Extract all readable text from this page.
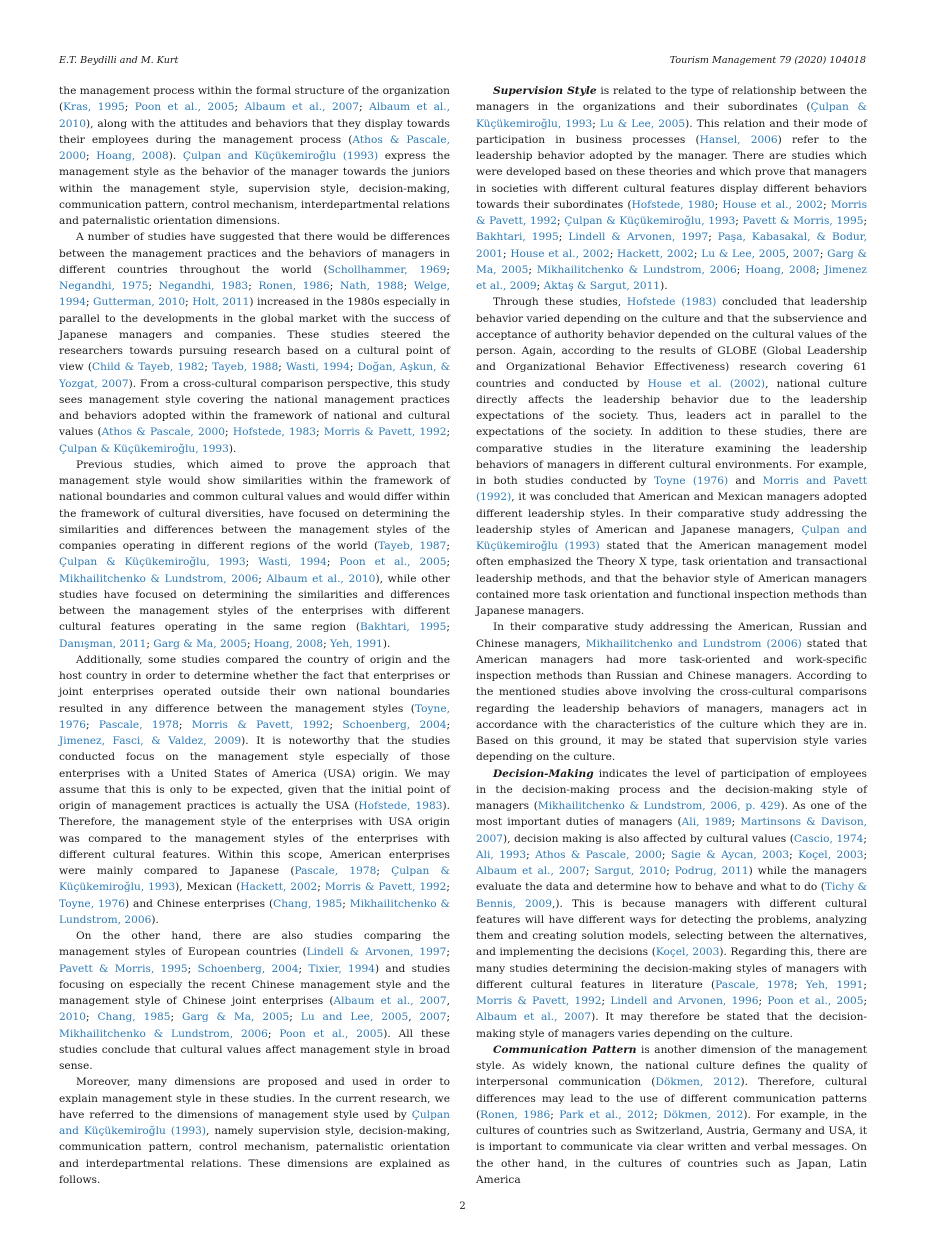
E.T. Beydilli and M. Kurt	Tourism Management 79 (2020) 104018

the management process within the formal structure of the organization (Kras, 1995; Poon et al., 2005; Albaum et al., 2007; Albaum et al., 2010), along with the attitudes and behaviors that they display towards their employees during the management process (Athos & Pascale, 2000; Hoang, 2008). Çulpan and Küçükemiroğlu (1993) express the management style as the behavior of the manager towards the juniors within the management style, supervision style, decision-making, communication pattern, control mechanism, interdepartmental relations and paternalistic orientation dimensions.

A number of studies have suggested that there would be differences between the management practices and the behaviors of managers in different countries throughout the world (Schollhammer, 1969; Negandhi, 1975; Negandhi, 1983; Ronen, 1986; Nath, 1988; Welge, 1994; Gutterman, 2010; Holt, 2011) increased in the 1980s especially in parallel to the developments in the global market with the success of Japanese managers and companies. These studies steered the researchers towards pursuing research based on a cultural point of view (Child & Tayeb, 1982; Tayeb, 1988; Wasti, 1994; Doğan, Aşkun, & Yozgat, 2007). From a cross-cultural comparison perspective, this study sees management style covering the national management practices and behaviors adopted within the framework of national and cultural values (Athos & Pascale, 2000; Hofstede, 1983; Morris & Pavett, 1992; Çulpan & Küçükemiroğlu, 1993).

Previous studies, which aimed to prove the approach that management style would show similarities within the framework of national boundaries and common cultural values and would differ within the framework of cultural diversities, have focused on determining the similarities and differences between the management styles of the companies operating in different regions of the world (Tayeb, 1987; Çulpan & Küçükemiroğlu, 1993; Wasti, 1994; Poon et al., 2005; Mikhailitchenko & Lundstrom, 2006; Albaum et al., 2010), while other studies have focused on determining the similarities and differences between the management styles of the enterprises with different cultural features operating in the same region (Bakhtari, 1995; Danışman, 2011; Garg & Ma, 2005; Hoang, 2008; Yeh, 1991).

Additionally, some studies compared the country of origin and the host country in order to determine whether the fact that enterprises or joint enterprises operated outside their own national boundaries resulted in any difference between the management styles (Toyne, 1976; Pascale, 1978; Morris & Pavett, 1992; Schoenberg, 2004; Jimenez, Fasci, & Valdez, 2009). It is noteworthy that the studies conducted focus on the management style especially of those enterprises with a United States of America (USA) origin. We may assume that this is only to be expected, given that the initial point of origin of management practices is actually the USA (Hofstede, 1983). Therefore, the management style of the enterprises with USA origin was compared to the management styles of the enterprises with different cultural features. Within this scope, American enterprises were mainly compared to Japanese (Pascale, 1978; Çulpan & Küçükemiroğlu, 1993), Mexican (Hackett, 2002; Morris & Pavett, 1992; Toyne, 1976) and Chinese enterprises (Chang, 1985; Mikhailitchenko & Lundstrom, 2006).

On the other hand, there are also studies comparing the management styles of European countries (Lindell & Arvonen, 1997; Pavett & Morris, 1995; Schoenberg, 2004; Tixier, 1994) and studies focusing on especially the recent Chinese management style and the management style of Chinese joint enterprises (Albaum et al., 2007, 2010; Chang, 1985; Garg & Ma, 2005; Lu and Lee, 2005, 2007; Mikhailitchenko & Lundstrom, 2006; Poon et al., 2005). All these studies conclude that cultural values affect management style in broad sense.

Moreover, many dimensions are proposed and used in order to explain management style in these studies. In the current research, we have referred to the dimensions of management style used by Çulpan and Küçükemiroğlu (1993), namely supervision style, decision-making, communication pattern, control mechanism, paternalistic orientation and interdepartmental relations. These dimensions are explained as follows.

Supervision Style is related to the type of relationship between the managers in the organizations and their subordinates (Çulpan & Küçükemiroğlu, 1993; Lu & Lee, 2005). This relation and their mode of participation in business processes (Hansel, 2006) refer to the leadership behavior adopted by the manager. There are studies which were developed based on these theories and which prove that managers in societies with different cultural features display different behaviors towards their subordinates (Hofstede, 1980; House et al., 2002; Morris & Pavett, 1992; Çulpan & Küçükemiroğlu, 1993; Pavett & Morris, 1995; Bakhtari, 1995; Lindell & Arvonen, 1997; Paşa, Kabasakal, & Bodur, 2001; House et al., 2002; Hackett, 2002; Lu & Lee, 2005, 2007; Garg & Ma, 2005; Mikhailitchenko & Lundstrom, 2006; Hoang, 2008; Jimenez et al., 2009; Aktaş & Sargut, 2011).

Through these studies, Hofstede (1983) concluded that leadership behavior varied depending on the culture and that the subservience and acceptance of authority behavior depended on the cultural values of the person. Again, according to the results of GLOBE (Global Leadership and Organizational Behavior Effectiveness) research covering 61 countries and conducted by House et al. (2002), national culture directly affects the leadership behavior due to the leadership expectations of the society. Thus, leaders act in parallel to the expectations of the society. In addition to these studies, there are comparative studies in the literature examining the leadership behaviors of managers in different cultural environments. For example, in both studies conducted by Toyne (1976) and Morris and Pavett (1992), it was concluded that American and Mexican managers adopted different leadership styles. In their comparative study addressing the leadership styles of American and Japanese managers, Çulpan and Küçükemiroğlu (1993) stated that the American management model often emphasized the Theory X type, task orientation and transactional leadership methods, and that the behavior style of American managers contained more task orientation and functional inspection methods than Japanese managers.

In their comparative study addressing the American, Russian and Chinese managers, Mikhailitchenko and Lundstrom (2006) stated that American managers had more task-oriented and work-specific inspection methods than Russian and Chinese managers. According to the mentioned studies above involving the cross-cultural comparisons regarding the leadership behaviors of managers, managers act in accordance with the characteristics of the culture which they are in. Based on this ground, it may be stated that supervision style varies depending on the culture.

Decision-Making indicates the level of participation of employees in the decision-making process and the decision-making style of managers (Mikhailitchenko & Lundstrom, 2006, p. 429). As one of the most important duties of managers (Ali, 1989; Martinsons & Davison, 2007), decision making is also affected by cultural values (Cascio, 1974; Ali, 1993; Athos & Pascale, 2000; Sagie & Aycan, 2003; Koçel, 2003; Albaum et al., 2007; Sargut, 2010; Podrug, 2011) while the managers evaluate the data and determine how to behave and what to do (Tichy & Bennis, 2009,). This is because managers with different cultural features will have different ways for detecting the problems, analyzing them and creating solution models, selecting between the alternatives, and implementing the decisions (Koçel, 2003). Regarding this, there are many studies determining the decision-making styles of managers with different cultural features in literature (Pascale, 1978; Yeh, 1991; Morris & Pavett, 1992; Lindell and Arvonen, 1996; Poon et al., 2005; Albaum et al., 2007). It may therefore be stated that the decision-making style of managers varies depending on the culture.

Communication Pattern is another dimension of the management style. As widely known, the national culture defines the quality of interpersonal communication (Dökmen, 2012). Therefore, cultural differences may lead to the use of different communication patterns (Ronen, 1986; Park et al., 2012; Dökmen, 2012). For example, in the cultures of countries such as Switzerland, Austria, Germany and USA, it is important to communicate via clear written and verbal messages. On the other hand, in the cultures of countries such as Japan, Latin America

2
